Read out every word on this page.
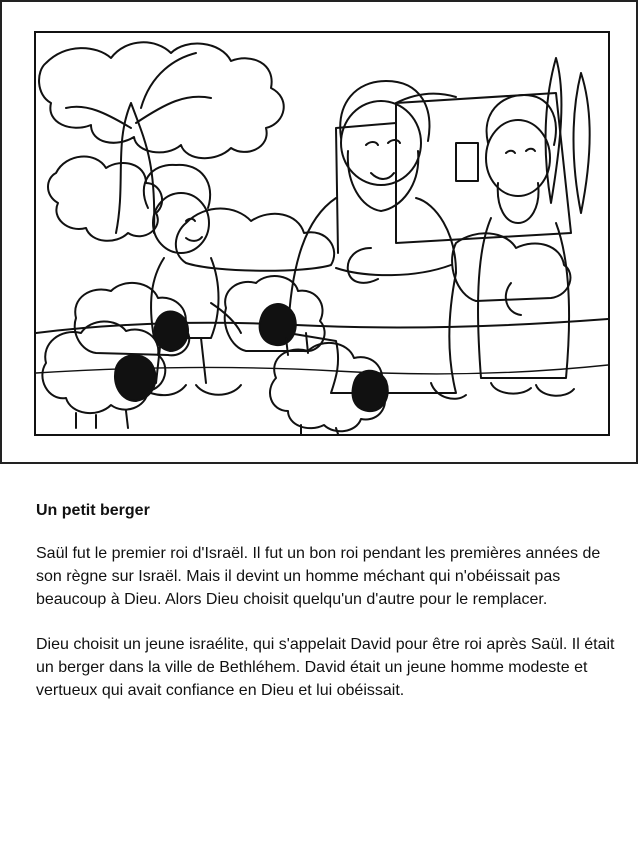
Un petit berger

Saül fut le premier roi d'Israël. Il fut un bon roi pendant les premières années de son règne sur Israël. Mais il devint un homme méchant qui n'obéissait pas beaucoup à Dieu. Alors Dieu choisit quelqu'un d'autre pour le remplacer.

Dieu choisit un jeune israélite, qui s'appelait David pour être roi après Saül. Il était un berger dans la ville de Bethléhem. David était un jeune homme modeste et vertueux qui avait confiance en Dieu et lui obéissait.
